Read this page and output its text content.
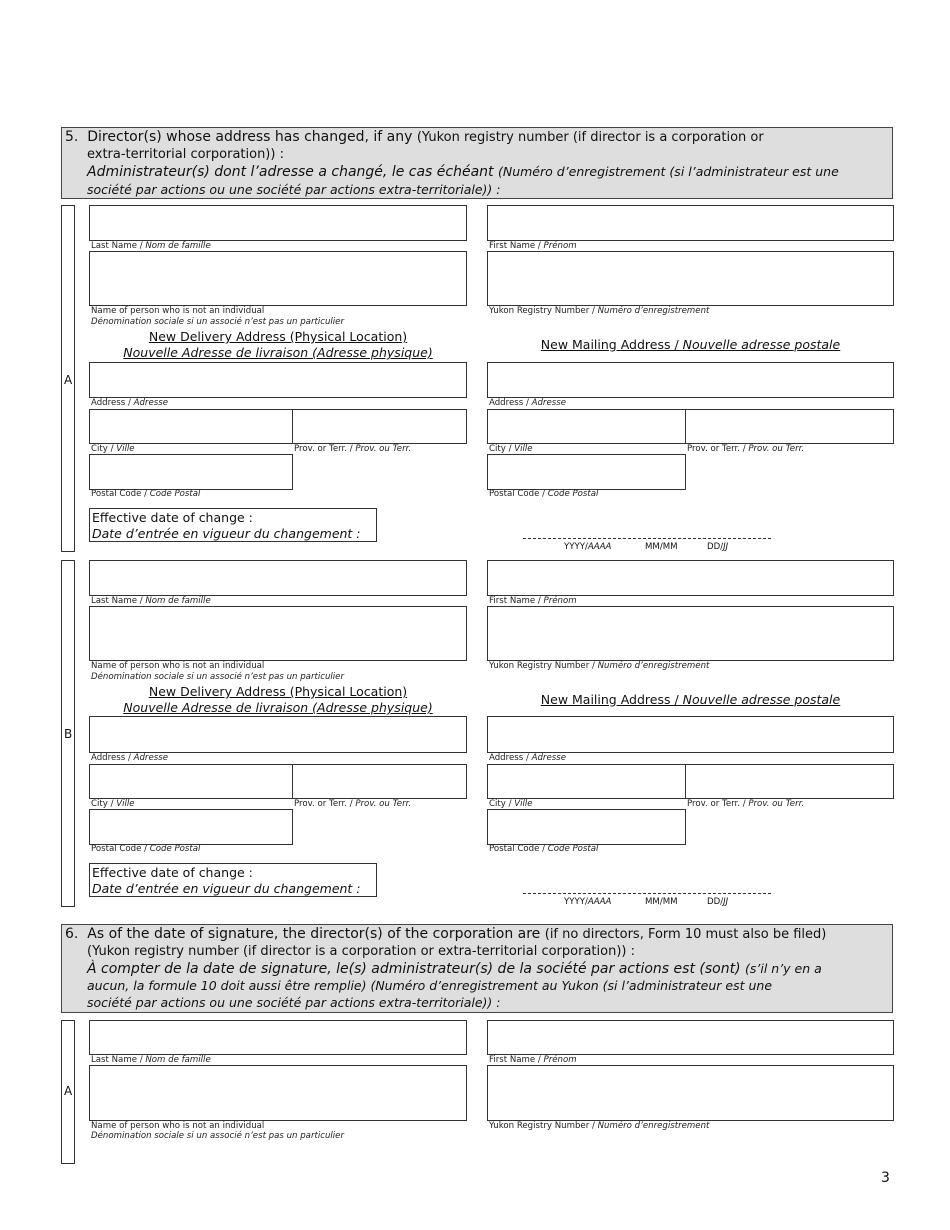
5. Director(s) whose address has changed, if any (Yukon registry number (if director is a corporation or
extra-territorial corporation)) :
Administrateur(s) dont l’adresse a changé, le cas échéant (Numéro d’enregistrement (si l’administrateur est une
société par actions ou une société par actions extra-territoriale)) :
A
Last Name / Nom de famille	First Name / Prénom
Name of person who is not an individual
Dénomination sociale si un associé n’est pas un particulier
Yukon Registry Number / Numéro d’enregistrement
New Delivery Address (Physical Location)
Nouvelle Adresse de livraison (Adresse physique)
New Mailing Address / Nouvelle adresse postale
Address / Adresse	Address / Adresse
City / Ville	Prov. or Terr. / Prov. ou Terr.	City / Ville	Prov. or Terr. / Prov. ou Terr.
Postal Code / Code Postal	Postal Code / Code Postal
Effective date of change :
Date d’entrée en vigueur du changement :
YYYY/AAAA	MM/MM	DD/JJ
B
Last Name / Nom de famille	First Name / Prénom
Name of person who is not an individual
Dénomination sociale si un associé n’est pas un particulier
Yukon Registry Number / Numéro d’enregistrement
New Delivery Address (Physical Location)
Nouvelle Adresse de livraison (Adresse physique)
New Mailing Address / Nouvelle adresse postale
Address / Adresse	Address / Adresse
City / Ville	Prov. or Terr. / Prov. ou Terr.	City / Ville	Prov. or Terr. / Prov. ou Terr.
Postal Code / Code Postal	Postal Code / Code Postal
Effective date of change :
Date d’entrée en vigueur du changement :
YYYY/AAAA	MM/MM	DD/JJ
6. As of the date of signature, the director(s) of the corporation are (if no directors, Form 10 must also be filed)
(Yukon registry number (if director is a corporation or extra-territorial corporation)) :
À compter de la date de signature, le(s) administrateur(s) de la société par actions est (sont) (s’il n’y en a
aucun, la formule 10 doit aussi être remplie) (Numéro d’enregistrement au Yukon (si l’administrateur est une
société par actions ou une société par actions extra-territoriale)) :
A
Last Name / Nom de famille	First Name / Prénom
Name of person who is not an individual
Dénomination sociale si un associé n’est pas un particulier
Yukon Registry Number / Numéro d’enregistrement
3
